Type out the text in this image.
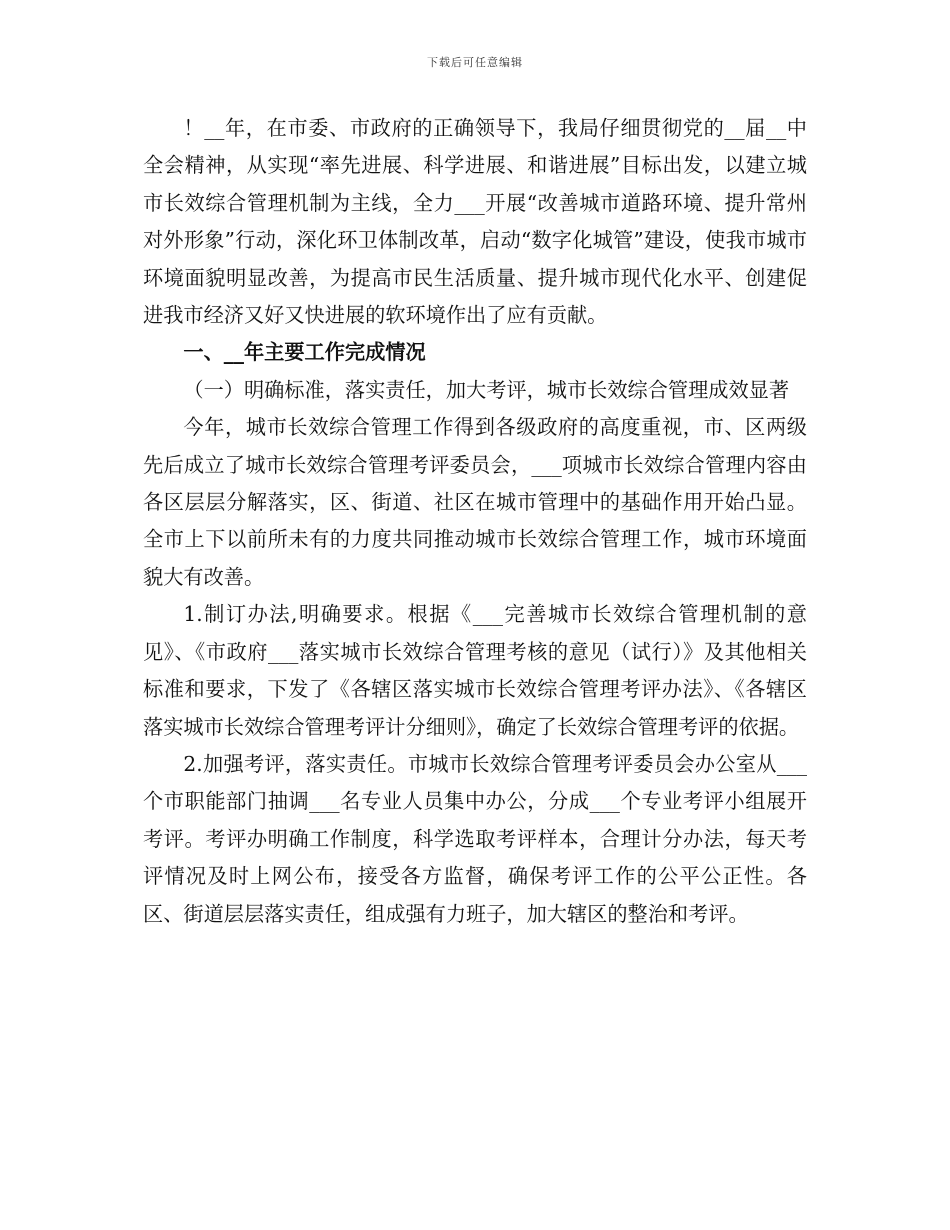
下载后可任意编辑

！__年，在市委、市政府的正确领导下，我局仔细贯彻党的__届__中全会精神，从实现“率先进展、科学进展、和谐进展”目标出发，以建立城市长效综合管理机制为主线，全力___开展“改善城市道路环境、提升常州对外形象”行动，深化环卫体制改革，启动“数字化城管”建设，使我市城市环境面貌明显改善，为提高市民生活质量、提升城市现代化水平、创建促进我市经济又好又快进展的软环境作出了应有贡献。

一、__年主要工作完成情况

（一）明确标准，落实责任，加大考评，城市长效综合管理成效显著

今年，城市长效综合管理工作得到各级政府的高度重视，市、区两级先后成立了城市长效综合管理考评委员会，___项城市长效综合管理内容由各区层层分解落实，区、街道、社区在城市管理中的基础作用开始凸显。全市上下以前所未有的力度共同推动城市长效综合管理工作，城市环境面貌大有改善。

1.制订办法,明确要求。根据《___完善城市长效综合管理机制的意见》、《市政府___落实城市长效综合管理考核的意见（试行）》及其他相关标准和要求，下发了《各辖区落实城市长效综合管理考评办法》、《各辖区落实城市长效综合管理考评计分细则》，确定了长效综合管理考评的依据。

2.加强考评，落实责任。市城市长效综合管理考评委员会办公室从___个市职能部门抽调___名专业人员集中办公，分成___个专业考评小组展开考评。考评办明确工作制度，科学选取考评样本，合理计分办法，每天考评情况及时上网公布，接受各方监督，确保考评工作的公平公正性。各区、街道层层落实责任，组成强有力班子，加大辖区的整治和考评。
